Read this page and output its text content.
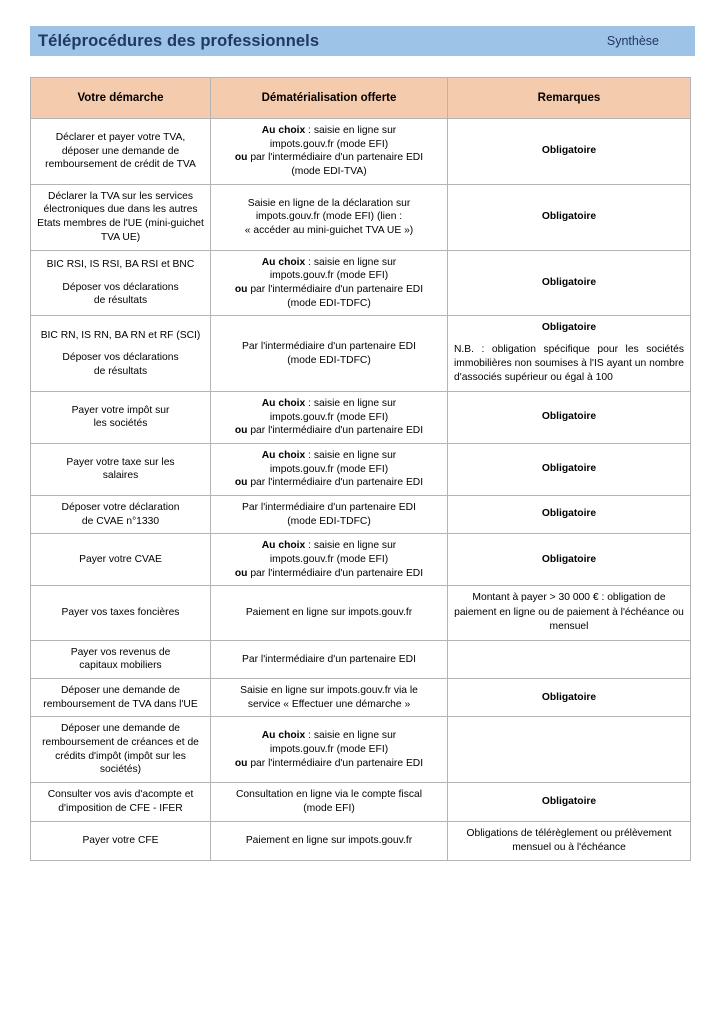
Téléprocédures des professionnels	Synthèse
Votre démarche	Dématérialisation offerte	Remarques
Déclarer et payer votre TVA, déposer une demande de remboursement de crédit de TVA	Au choix : saisie en ligne sur
impots.gouv.fr (mode EFI)
ou par l'intermédiaire d'un partenaire EDI
(mode EDI-TVA)	Obligatoire
Déclarer la TVA sur les services électroniques due dans les autres Etats membres de l'UE (mini-guichet TVA UE)	Saisie en ligne de la déclaration sur
impots.gouv.fr (mode EFI) (lien :
« accéder au mini-guichet TVA UE »)	Obligatoire
BIC RSI, IS RSI, BA RSI et BNC
Déposer vos déclarations
de résultats	Au choix : saisie en ligne sur
impots.gouv.fr (mode EFI)
ou par l'intermédiaire d'un partenaire EDI
(mode EDI-TDFC)	Obligatoire
BIC RN, IS RN, BA RN et RF (SCI)
Déposer vos déclarations
de résultats	Par l'intermédiaire d'un partenaire EDI
(mode EDI-TDFC)	Obligatoire
N.B. : obligation spécifique pour les sociétés immobilières non soumises à l'IS ayant un nombre d'associés supérieur ou égal à 100
Payer votre impôt sur
les sociétés	Au choix : saisie en ligne sur
impots.gouv.fr (mode EFI)
ou par l'intermédiaire d'un partenaire EDI	Obligatoire
Payer votre taxe sur les
salaires	Au choix : saisie en ligne sur
impots.gouv.fr (mode EFI)
ou par l'intermédiaire d'un partenaire EDI	Obligatoire
Déposer votre déclaration
de CVAE n°1330	Par l'intermédiaire d'un partenaire EDI
(mode EDI-TDFC)	Obligatoire
Payer votre CVAE	Au choix : saisie en ligne sur
impots.gouv.fr (mode EFI)
ou par l'intermédiaire d'un partenaire EDI	Obligatoire
Payer vos taxes foncières	Paiement en ligne sur impots.gouv.fr	Montant à payer > 30 000 € : obligation de paiement en ligne ou de paiement à l'échéance ou mensuel
Payer vos revenus de
capitaux mobiliers	Par l'intermédiaire d'un partenaire EDI	
Déposer une demande de remboursement de TVA dans l'UE	Saisie en ligne sur impots.gouv.fr via le
service « Effectuer une démarche »	Obligatoire
Déposer une demande de remboursement de créances et de crédits d'impôt (impôt sur les sociétés)	Au choix : saisie en ligne sur
impots.gouv.fr (mode EFI)
ou par l'intermédiaire d'un partenaire EDI	
Consulter vos avis d'acompte et d'imposition de CFE - IFER	Consultation en ligne via le compte fiscal
(mode EFI)	Obligatoire
Payer votre CFE	Paiement en ligne sur impots.gouv.fr	Obligations de télérèglement ou prélèvement mensuel ou à l'échéance
